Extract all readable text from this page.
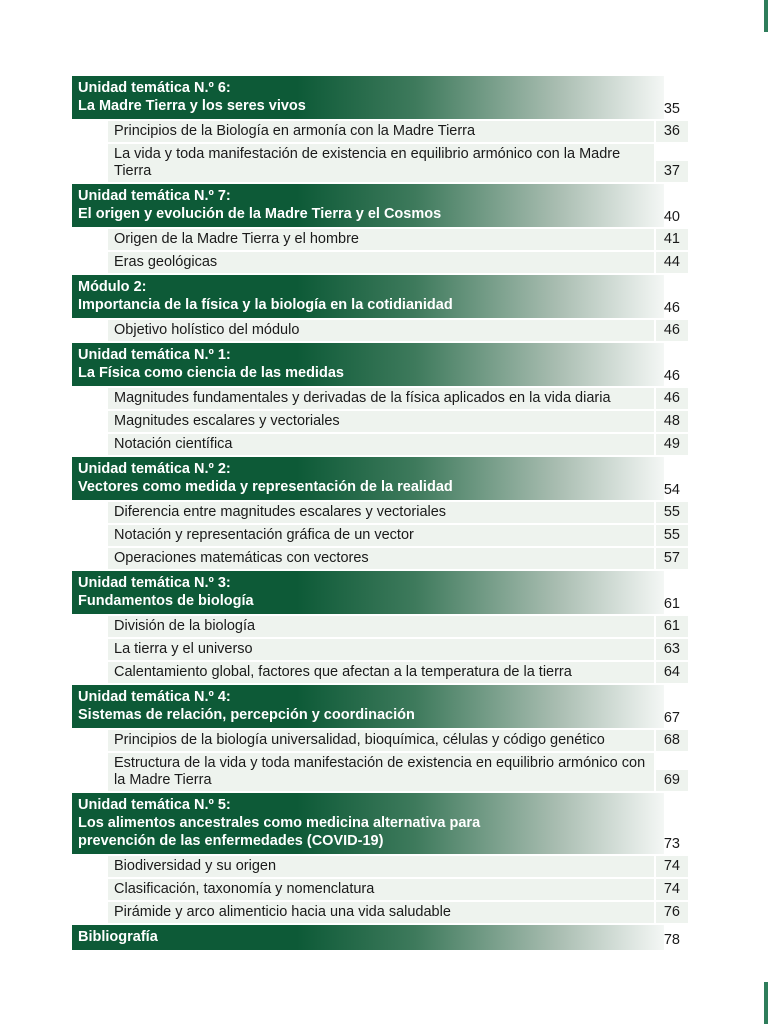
Unidad temática N.º 6:
La Madre Tierra y los seres vivos	35
Principios de la Biología en armonía con la Madre Tierra	36
La vida y toda manifestación de existencia en equilibrio armónico con la Madre Tierra	37
Unidad temática N.º 7:
El origen y evolución de la Madre Tierra y el Cosmos	40
Origen de la Madre Tierra y el hombre	41
Eras geológicas	44
Módulo 2:
Importancia de la física y la biología en la cotidianidad	46
Objetivo holístico del módulo	46
Unidad temática N.º 1:
La Física como ciencia de las medidas	46
Magnitudes fundamentales y derivadas de la física aplicados en la vida diaria	46
Magnitudes escalares y vectoriales	48
Notación científica	49
Unidad temática N.º 2:
Vectores como medida y representación de la realidad	54
Diferencia entre magnitudes escalares y vectoriales	55
Notación y representación gráfica de un vector	55
Operaciones matemáticas con vectores	57
Unidad temática N.º 3:
Fundamentos de biología	61
División de la biología	61
La tierra y el universo	63
Calentamiento global, factores que afectan a la temperatura de la tierra	64
Unidad temática N.º 4:
Sistemas de relación, percepción y coordinación	67
Principios de la biología universalidad, bioquímica, células y código genético	68
Estructura de la vida y toda manifestación de existencia en equilibrio armónico con la Madre Tierra	69
Unidad temática N.º 5:
Los alimentos ancestrales como medicina alternativa para
prevención de las enfermedades (COVID-19)	73
Biodiversidad y su origen	74
Clasificación, taxonomía y nomenclatura	74
Pirámide y arco alimenticio hacia una vida saludable	76
Bibliografía	78
